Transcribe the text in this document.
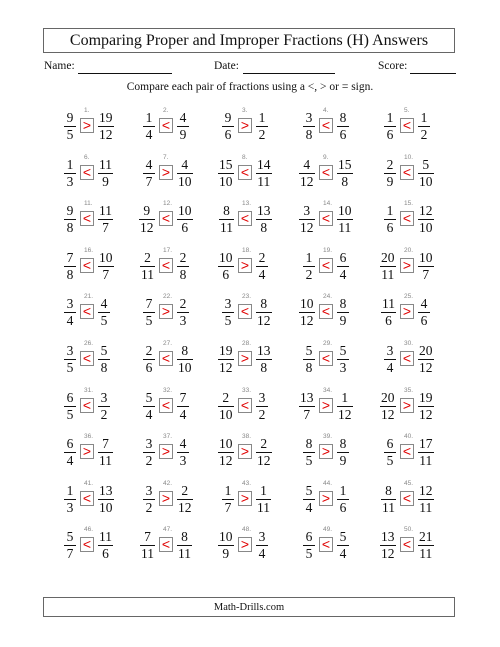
Comparing Proper and Improper Fractions (H) Answers
Name:	Date:	Score:
Compare each pair of fractions using a <, > or = sign.
1.
9
5
> 19
12
2.
1
4
< 4
9
3.
9
6
> 1
2
4.
3
8
< 8
6
5.
1
6
< 1
2
6.
1
3
< 11
9
7.
4
7
> 4
10
8.
15
10
< 14
11
9.
4
12
< 15
8
10.
2
9
< 5
10
11.
9
8
< 11
7
12.
9
12
< 10
6
13.
8
11
< 13
8
14.
3
12
< 10
11
15.
1
6
< 12
10
16.
7
8
< 10
7
17.
2
11
< 2
8
18.
10
6
> 2
4
19.
1
2
< 6
4
20.
20
11
> 10
7
21.
3
4
< 4
5
22.
7
5
> 2
3
23.
3
5
< 8
12
24.
10
12
< 8
9
25.
11
6
> 4
6
26.
3
5
< 5
8
27.
2
6
< 8
10
28.
19
12
> 13
8
29.
5
8
< 5
3
30.
3
4
< 20
12
31.
6
5
< 3
2
32.
5
4
< 7
4
33.
2
10
< 3
2
34.
13
7
> 1
12
35.
20
12
> 19
12
36.
6
4
> 7
11
37.
3
2
> 4
3
38.
10
12
> 2
12
39.
8
5
> 8
9
40.
6
5
< 17
11
41.
1
3
< 13
10
42.
3
2
> 2
12
43.
1
7
> 1
11
44.
5
4
> 1
6
45.
8
11
< 12
11
46.
5
7
< 11
6
47.
7
11
< 8
11
48.
10
9
> 3
4
49.
6
5
< 5
4
50.
13
12
< 21
11
Math-Drills.com
